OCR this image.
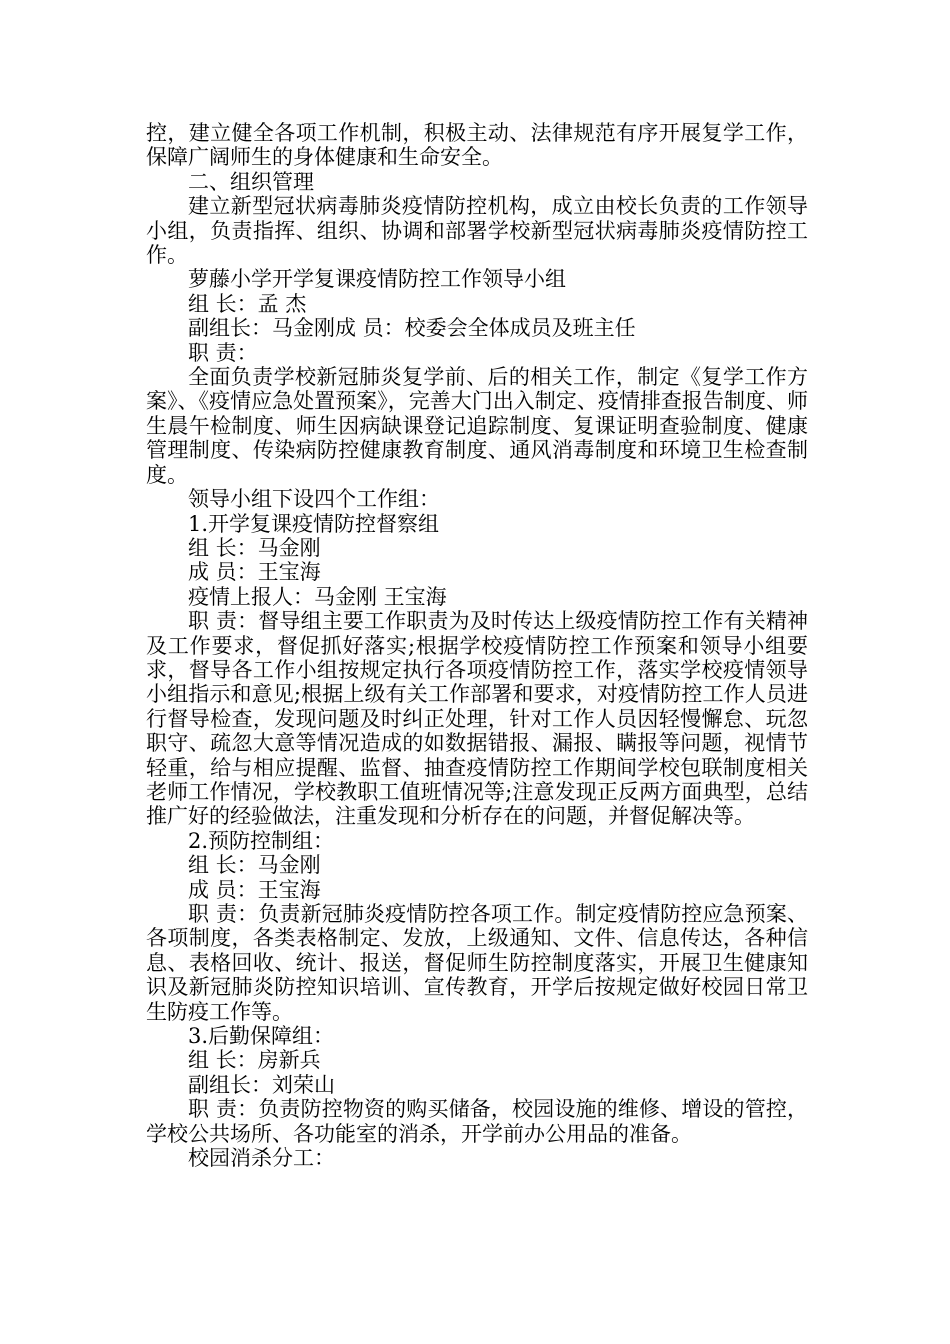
控，建立健全各项工作机制，积极主动、法律规范有序开展复学工作，保障广阔师生的身体健康和生命安全。

二、组织管理

建立新型冠状病毒肺炎疫情防控机构，成立由校长负责的工作领导小组，负责指挥、组织、协调和部署学校新型冠状病毒肺炎疫情防控工作。

萝藤小学开学复课疫情防控工作领导小组

组 长：孟 杰

副组长：马金刚成 员：校委会全体成员及班主任

职 责：

全面负责学校新冠肺炎复学前、后的相关工作，制定《复学工作方案》、《疫情应急处置预案》，完善大门出入制定、疫情排查报告制度、师生晨午检制度、师生因病缺课登记追踪制度、复课证明查验制度、健康管理制度、传染病防控健康教育制度、通风消毒制度和环境卫生检查制度。

领导小组下设四个工作组：

1.开学复课疫情防控督察组

组 长：马金刚

成 员：王宝海

疫情上报人：马金刚 王宝海

职 责：督导组主要工作职责为及时传达上级疫情防控工作有关精神及工作要求，督促抓好落实;根据学校疫情防控工作预案和领导小组要求，督导各工作小组按规定执行各项疫情防控工作，落实学校疫情领导小组指示和意见;根据上级有关工作部署和要求，对疫情防控工作人员进行督导检查，发现问题及时纠正处理，针对工作人员因轻慢懈怠、玩忽职守、疏忽大意等情况造成的如数据错报、漏报、瞒报等问题，视情节轻重，给与相应提醒、监督、抽查疫情防控工作期间学校包联制度相关老师工作情况，学校教职工值班情况等;注意发现正反两方面典型，总结推广好的经验做法，注重发现和分析存在的问题，并督促解决等。

2.预防控制组：

组 长：马金刚

成 员：王宝海

职 责：负责新冠肺炎疫情防控各项工作。制定疫情防控应急预案、各项制度，各类表格制定、发放，上级通知、文件、信息传达，各种信息、表格回收、统计、报送，督促师生防控制度落实，开展卫生健康知识及新冠肺炎防控知识培训、宣传教育，开学后按规定做好校园日常卫生防疫工作等。

3.后勤保障组：

组 长：房新兵

副组长：刘荣山

职 责：负责防控物资的购买储备，校园设施的维修、增设的管控，学校公共场所、各功能室的消杀，开学前办公用品的准备。

校园消杀分工：
